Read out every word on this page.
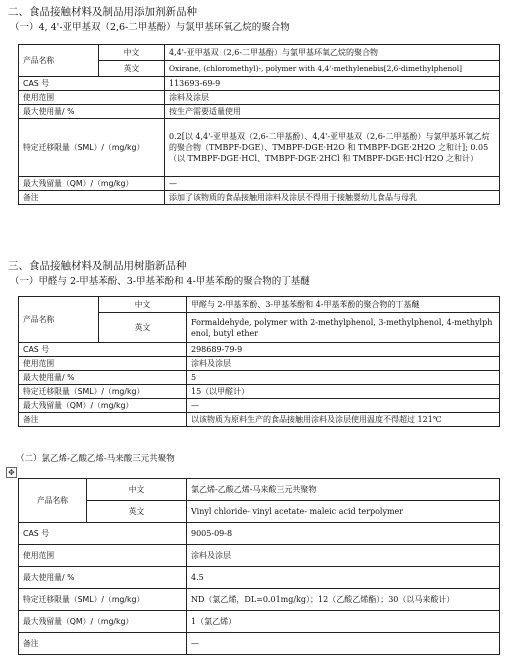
二、食品接触材料及制品用添加剂新品种
（一）4, 4'-亚甲基双（2,6-二甲基酚）与氯甲基环氧乙烷的聚合物
产品名称	中文	4,4'-亚甲基双（2,6-二甲基酚）与氯甲基环氧乙烷的聚合物
	英文	Oxirane, (chloromethyl)-, polymer with 4,4'-methylenebis[2,6-dimethylphenol]
CAS 号		113693-69-9
使用范围		涂料及涂层
最大使用量/ %		按生产需要适量使用
特定迁移限量（SML）/（mg/kg）		0.2[以 4,4'-亚甲基双（2,6-二甲基酚）、4,4'-亚甲基双（2,6-二甲基酚）与氯甲基环氧乙烷的聚合物（TMBPF-DGE）、TMBPF-DGE·H2O 和 TMBPF-DGE·2H2O 之和计]; 0.05（以 TMBPF-DGE·HCl、TMBPF-DGE·2HCl 和 TMBPF-DGE·HCl·H2O 之和计）
最大残留量（QM）/（mg/kg）		—
备注		添加了该物质的食品接触用涂料及涂层不得用于接触婴幼儿食品与母乳
三、食品接触材料及制品用树脂新品种
（一）甲醛与 2-甲基苯酚、3-甲基苯酚和 4-甲基苯酚的聚合物的丁基醚
产品名称	中文	甲醛与 2-甲基苯酚、3-甲基苯酚和 4-甲基苯酚的聚合物的丁基醚
	英文	Formaldehyde, polymer with 2-methylphenol, 3-methylphenol, 4-methylphenol, butyl ether
CAS 号		298689-79-9
使用范围		涂料及涂层
最大使用量/ %		5
特定迁移限量（SML）/（mg/kg）		15（以甲醛计）
最大残留量（QM）/（mg/kg）		—
备注		以该物质为原料生产的食品接触用涂料及涂层使用温度不得超过 121℃
（二）氯乙烯-乙酸乙烯-马来酸三元共聚物
✥
产品名称	中文	氯乙烯-乙酸乙烯-马来酸三元共聚物
	英文	Vinyl chloride- vinyl acetate- maleic acid terpolymer
CAS 号		9005-09-8
使用范围		涂料及涂层
最大使用量/ %		4.5
特定迁移限量（SML）/（mg/kg）		ND（氯乙烯，DL=0.01mg/kg）；12（乙酸乙烯酯）；30（以马来酸计）
最大残留量（QM）/（mg/kg）		1（氯乙烯）
备注		—
